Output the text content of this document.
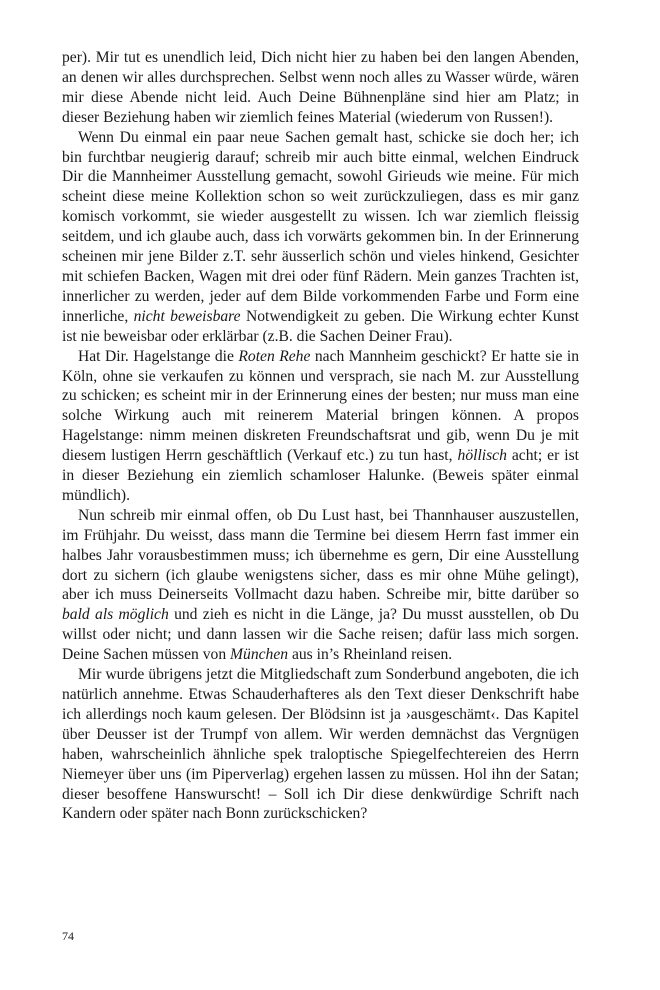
per). Mir tut es unendlich leid, Dich nicht hier zu haben bei den langen Abenden, an denen wir alles durchsprechen. Selbst wenn noch alles zu Wasser würde, wären mir diese Abende nicht leid. Auch Deine Bühnenpläne sind hier am Platz; in dieser Beziehung haben wir ziemlich feines Material (wiederum von Russen!).

Wenn Du einmal ein paar neue Sachen gemalt hast, schicke sie doch her; ich bin furchtbar neugierig darauf; schreib mir auch bitte einmal, welchen Eindruck Dir die Mannheimer Ausstellung gemacht, sowohl Girieuds wie meine. Für mich scheint diese meine Kollektion schon so weit zurückzuliegen, dass es mir ganz komisch vorkommt, sie wieder ausgestellt zu wissen. Ich war ziemlich fleissig seitdem, und ich glaube auch, dass ich vorwärts gekommen bin. In der Erinnerung scheinen mir jene Bilder z.T. sehr äusserlich schön und vieles hinkend, Gesichter mit schiefen Backen, Wagen mit drei oder fünf Rädern. Mein ganzes Trachten ist, innerlicher zu werden, jeder auf dem Bilde vorkommenden Farbe und Form eine innerliche, nicht beweisbare Notwendigkeit zu geben. Die Wirkung echter Kunst ist nie beweisbar oder erklärbar (z.B. die Sachen Deiner Frau).

Hat Dir. Hagelstange die Roten Rehe nach Mannheim geschickt? Er hatte sie in Köln, ohne sie verkaufen zu können und versprach, sie nach M. zur Ausstellung zu schicken; es scheint mir in der Erinnerung eines der besten; nur muss man eine solche Wirkung auch mit reinerem Material bringen können. A propos Hagelstange: nimm meinen diskreten Freundschaftsrat und gib, wenn Du je mit diesem lustigen Herrn geschäftlich (Verkauf etc.) zu tun hast, höllisch acht; er ist in dieser Beziehung ein ziemlich schamloser Halunke. (Beweis später einmal mündlich).

Nun schreib mir einmal offen, ob Du Lust hast, bei Thannhauser auszustellen, im Frühjahr. Du weisst, dass mann die Termine bei diesem Herrn fast immer ein halbes Jahr vorausbestimmen muss; ich übernehme es gern, Dir eine Ausstellung dort zu sichern (ich glaube wenigstens sicher, dass es mir ohne Mühe gelingt), aber ich muss Deinerseits Vollmacht dazu haben. Schreibe mir, bitte darüber so bald als möglich und zieh es nicht in die Länge, ja? Du musst ausstellen, ob Du willst oder nicht; und dann lassen wir die Sache reisen; dafür lass mich sorgen. Deine Sachen müssen von München aus in’s Rheinland reisen.

Mir wurde übrigens jetzt die Mitgliedschaft zum Sonderbund angeboten, die ich natürlich annehme. Etwas Schauderhafteres als den Text dieser Denkschrift habe ich allerdings noch kaum gelesen. Der Blödsinn ist ja ›ausgeschämt‹. Das Kapitel über Deusser ist der Trumpf von allem. Wir werden demnächst das Vergnügen haben, wahrscheinlich ähnliche spek traloptische Spiegelfechtereien des Herrn Niemeyer über uns (im Piperverlag) ergehen lassen zu müssen. Hol ihn der Satan; dieser besoffene Hanswurscht! – Soll ich Dir diese denkwürdige Schrift nach Kandern oder später nach Bonn zurückschicken?

74
